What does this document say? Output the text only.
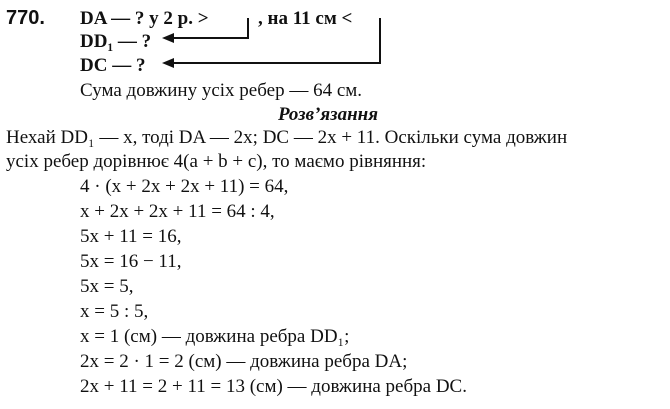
770. DA — ? у 2 р. >	, на 11 см <
DD₁ — ?
DC — ?
Сума довжину усіх ребер — 64 см.
Розв’язання
Нехай DD₁ — x, тоді DA — 2x; DC — 2x + 11. Оскільки сума довжин
усіх ребер дорівнює 4(a + b + c), то маємо рівняння:
4 · (x + 2x + 2x + 11) = 64,
x + 2x + 2x + 11 = 64 : 4,
5x + 11 = 16,
5x = 16 − 11,
5x = 5,
x = 5 : 5,
x = 1 (см) — довжина ребра DD₁;
2x = 2 · 1 = 2 (см) — довжина ребра DA;
2x + 11 = 2 + 11 = 13 (см) — довжина ребра DC.
